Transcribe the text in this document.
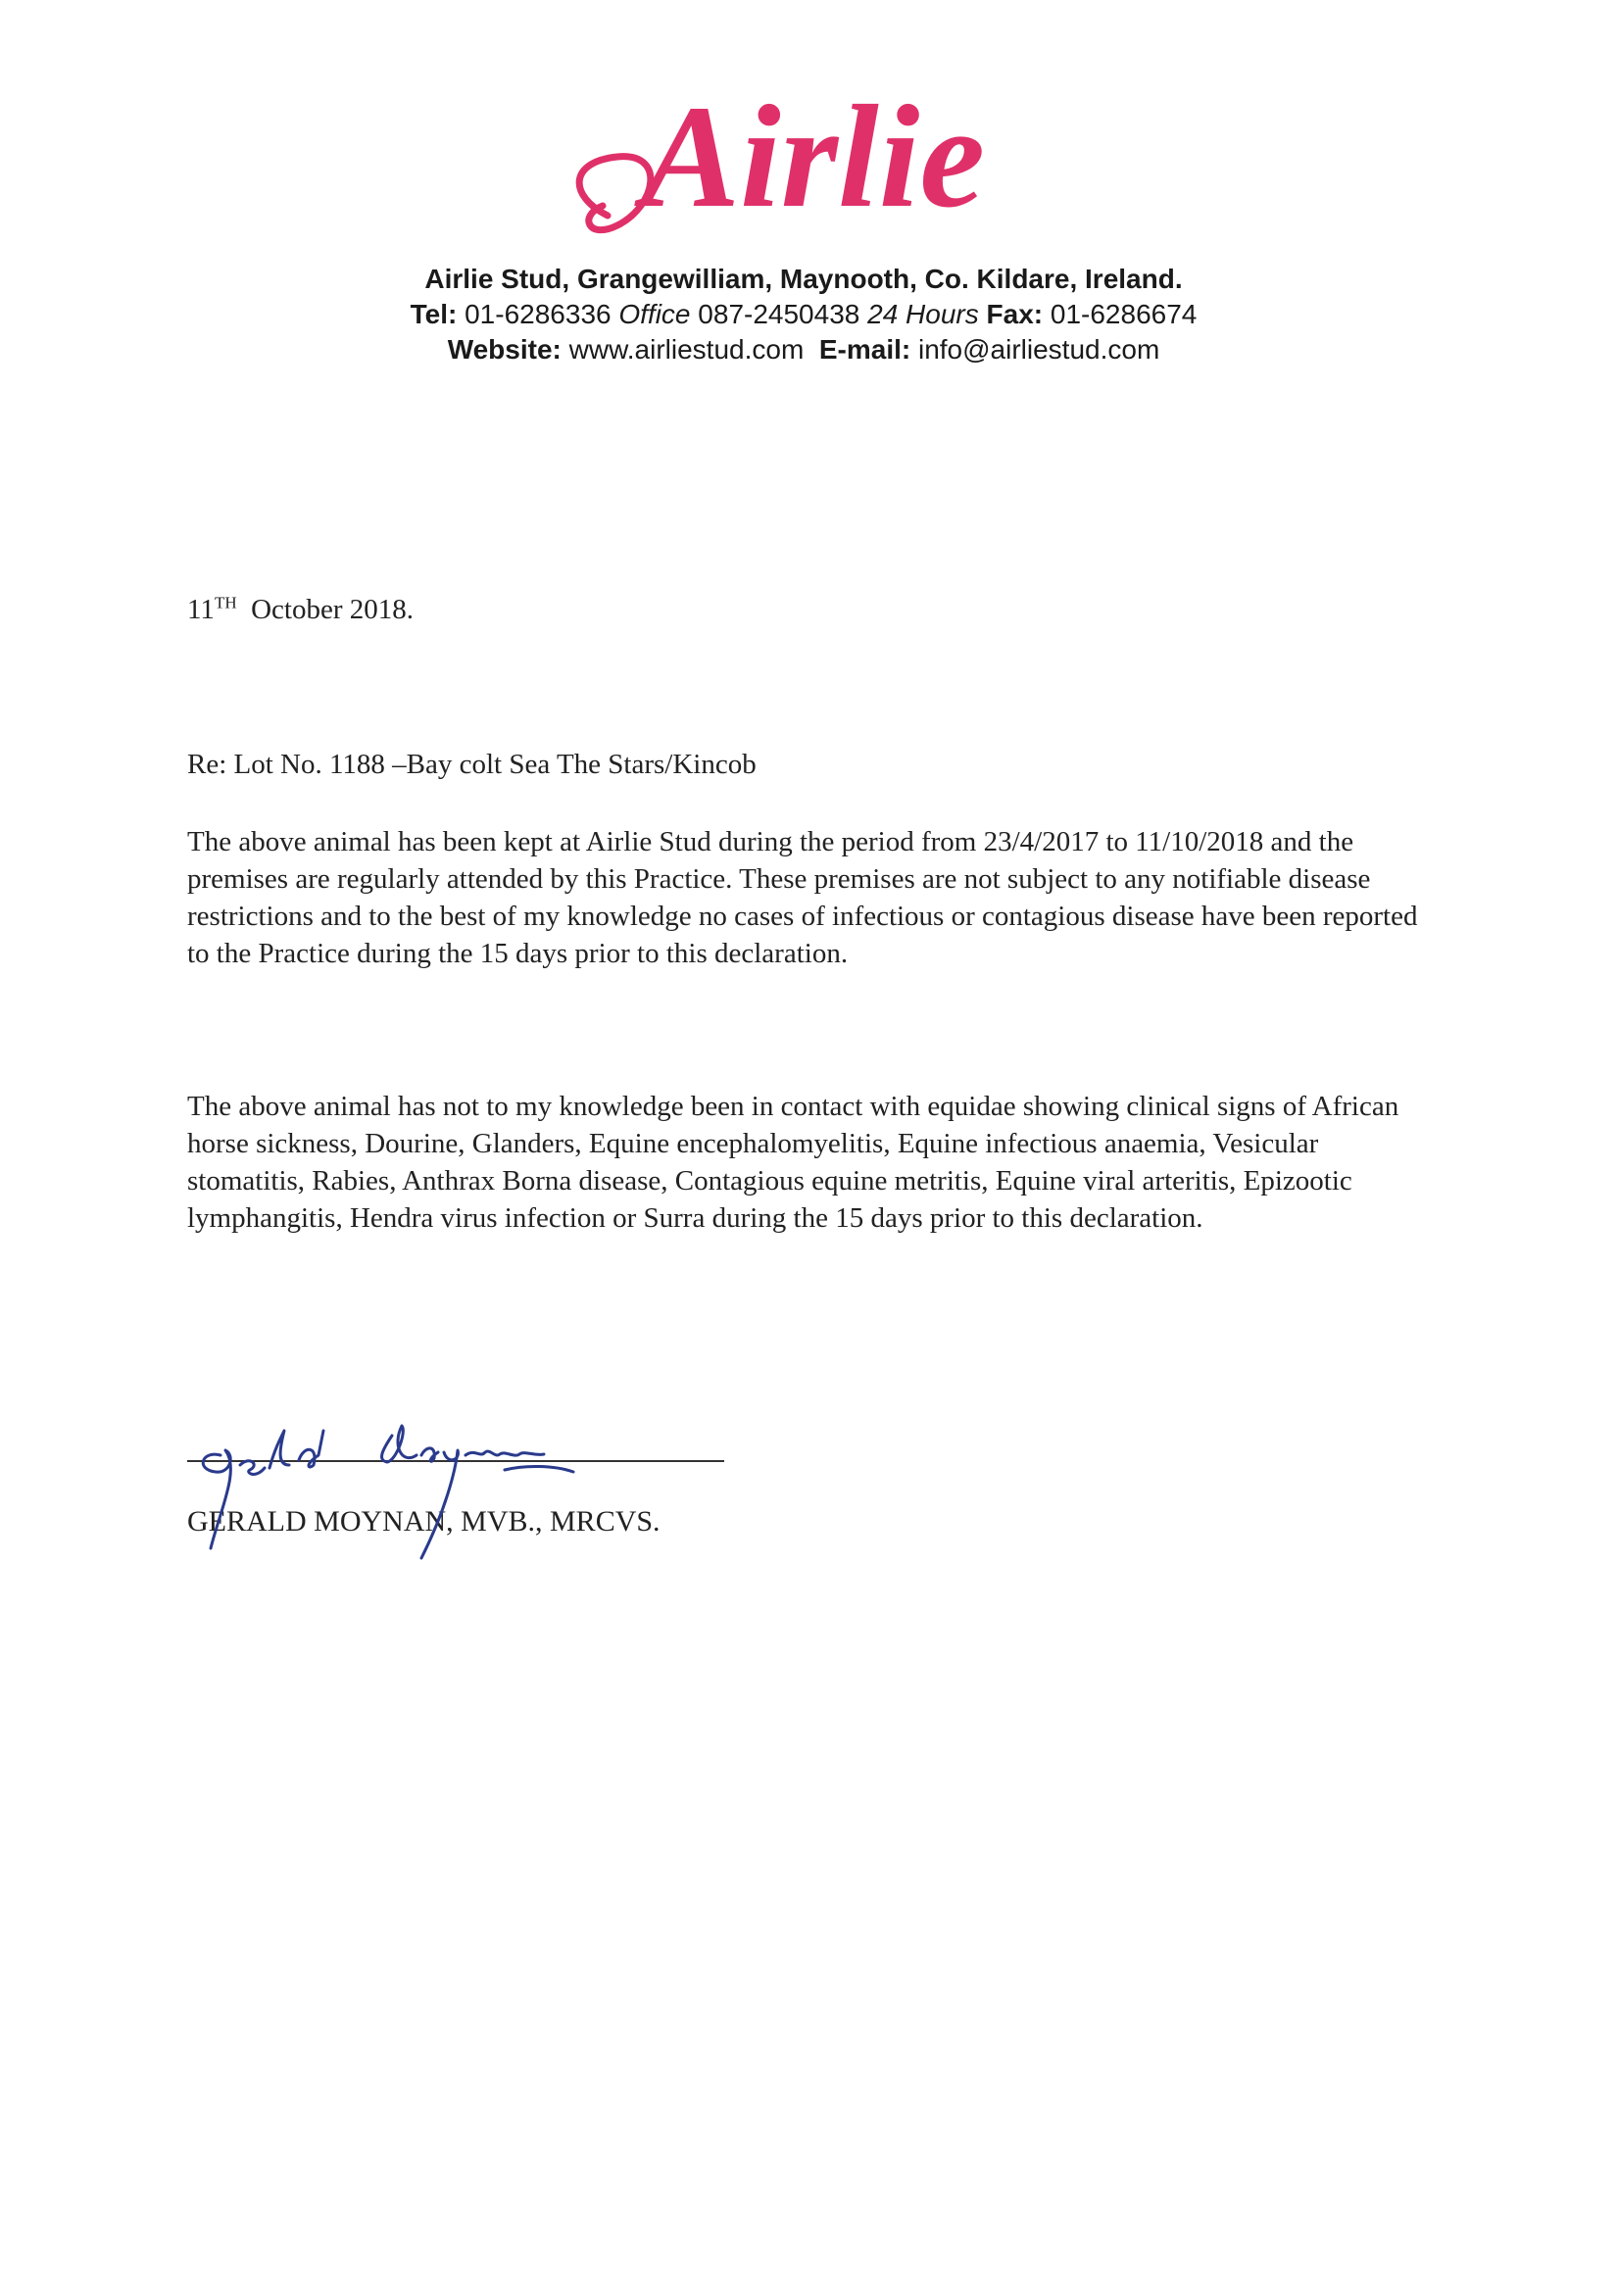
Airlie
Airlie Stud, Grangewilliam, Maynooth, Co. Kildare, Ireland.
Tel: 01-6286336 Office 087-2450438 24 Hours Fax: 01-6286674
Website: www.airliestud.com E-mail: info@airliestud.com
11TH October 2018.
Re: Lot No. 1188 –Bay colt Sea The Stars/Kincob

The above animal has been kept at Airlie Stud during the period from 23/4/2017 to 11/10/2018 and the premises are regularly attended by this Practice. These premises are not subject to any notifiable disease restrictions and to the best of my knowledge no cases of infectious or contagious disease have been reported to the Practice during the 15 days prior to this declaration.

The above animal has not to my knowledge been in contact with equidae showing clinical signs of African horse sickness, Dourine, Glanders, Equine encephalomyelitis, Equine infectious anaemia, Vesicular stomatitis, Rabies, Anthrax Borna disease, Contagious equine metritis, Equine viral arteritis, Epizootic lymphangitis, Hendra virus infection or Surra during the 15 days prior to this declaration.

GERALD MOYNAN, MVB., MRCVS.
